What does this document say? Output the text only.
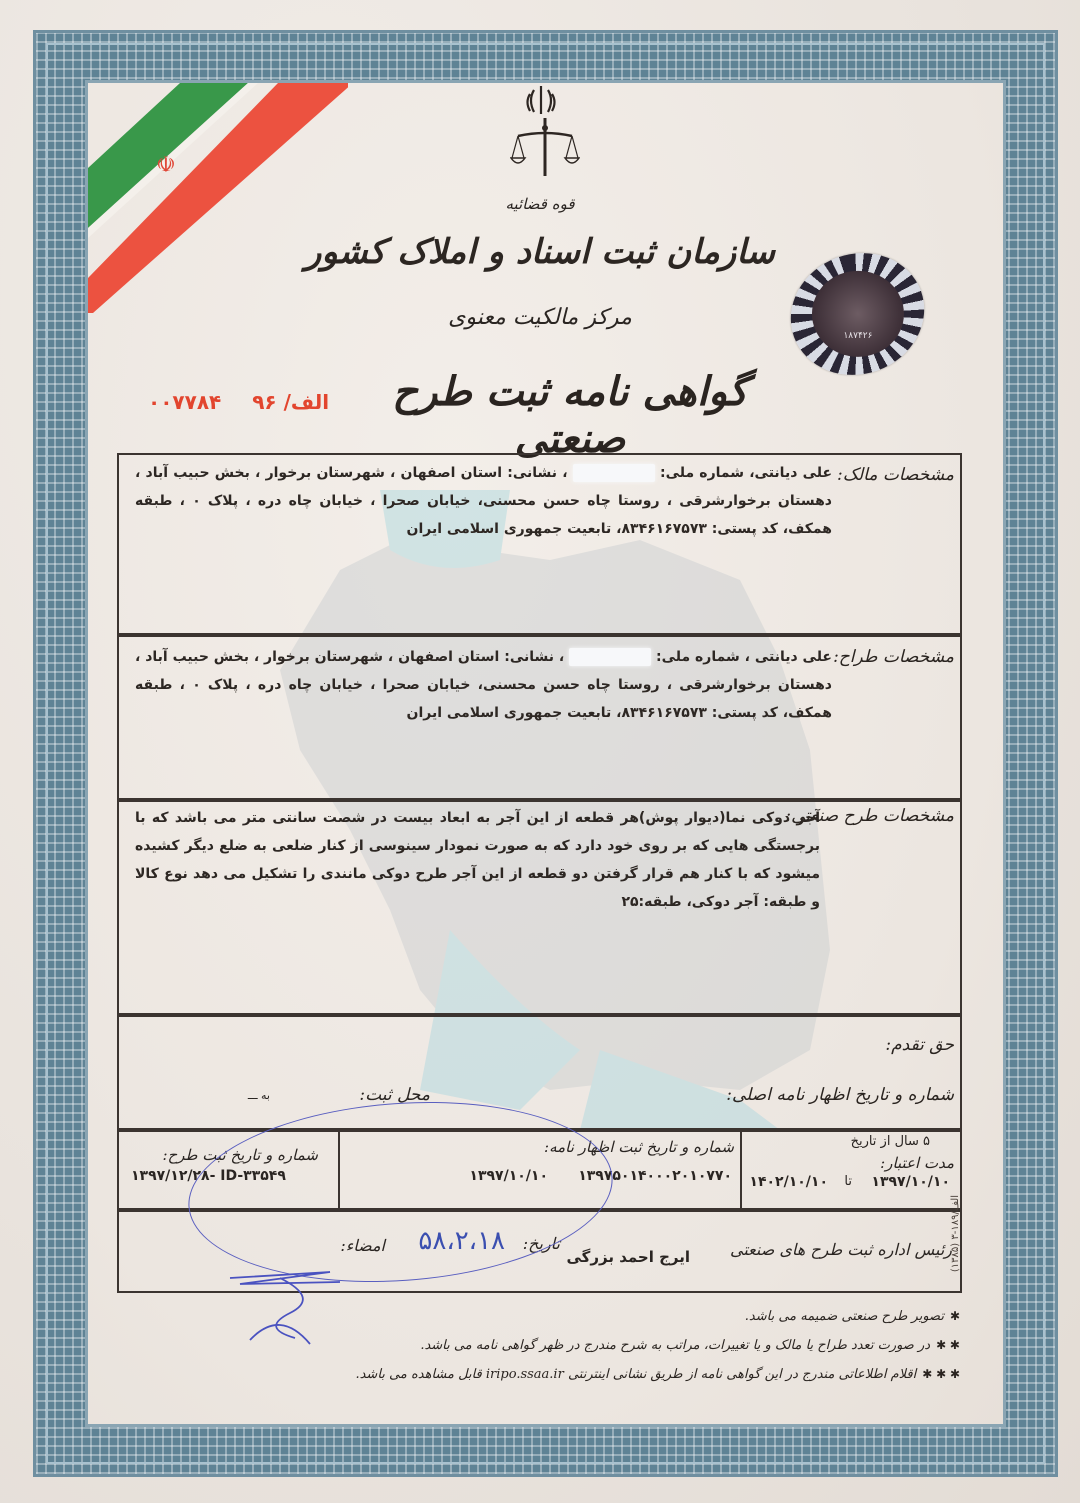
☫
قوه قضائیه
سازمان ثبت اسناد و املاک کشور
مرکز مالکیت معنوی
گواهی نامه ثبت طرح صنعتی
الف/ ۹۶ ۰۰۷۷۸۴
۱۸۷۴۲۶
مشخصات مالک:
علی دیانتی، شماره ملی:  ، نشانی: استان اصفهان ، شهرستان برخوار ، بخش حبیب آباد ، دهستان برخوارشرقی ، روستا چاه حسن محسنی، خیابان صحرا ، خیابان چاه دره ، پلاک ۰ ، طبقه همکف، کد پستی: ۸۳۴۶۱۶۷۵۷۳، تابعیت جمهوری اسلامی ایران
مشخصات طراح:
علی دیانتی ، شماره ملی:  ، نشانی: استان اصفهان ، شهرستان برخوار ، بخش حبیب آباد ، دهستان برخوارشرقی ، روستا چاه حسن محسنی، خیابان صحرا ، خیابان چاه دره ، پلاک ۰ ، طبقه همکف، کد پستی: ۸۳۴۶۱۶۷۵۷۳، تابعیت جمهوری اسلامی ایران
مشخصات طرح صنعتی:
آجر دوکی نما(دیوار پوش)هر قطعه از این آجر به ابعاد بیست در شصت سانتی متر می باشد که با برجستگی هایی که بر روی خود دارد که به صورت نمودار سینوسی از کنار ضلعی به ضلع دیگر کشیده میشود که با کنار هم قرار گرفتن دو قطعه از این آجر طرح دوکی مانندی را تشکیل می دهد نوع کالا و طبقه: آجر دوکی، طبقه:۲۵
حق تقدم:
شماره و تاریخ اظهار نامه اصلی:
محل ثبت:
به ـــ
۵ سال از تاریخ
مدت اعتبار:
۱۳۹۷/۱۰/۱۰
تا
۱۴۰۲/۱۰/۱۰
شماره و تاریخ ثبت اظهار نامه:
۱۳۹۷۵۰۱۴۰۰۰۲۰۱۰۷۷۰
۱۳۹۷/۱۰/۱۰
شماره و تاریخ ثبت طرح:
۱۳۹۷/۱۲/۲۸- ID-۳۳۵۴۹
رئیس اداره ثبت طرح های صنعتی
ایرج احمد بزرگی
تاریخ:
۵۸،۲،۱۸
امضاء:
✱تصویر طرح صنعتی ضمیمه می باشد.
✱ ✱در صورت تعدد طراح یا مالک و یا تغییرات، مراتب به شرح مندرج در ظهر گواهی نامه می باشد.
✱ ✱ ✱اقلام اطلاعاتی مندرج در این گواهی نامه از طریق نشانی اینترنتی iripo.ssaa.ir قابل مشاهده می باشد.
(۱۳۸۵) ۳-الف/۱۸۹
